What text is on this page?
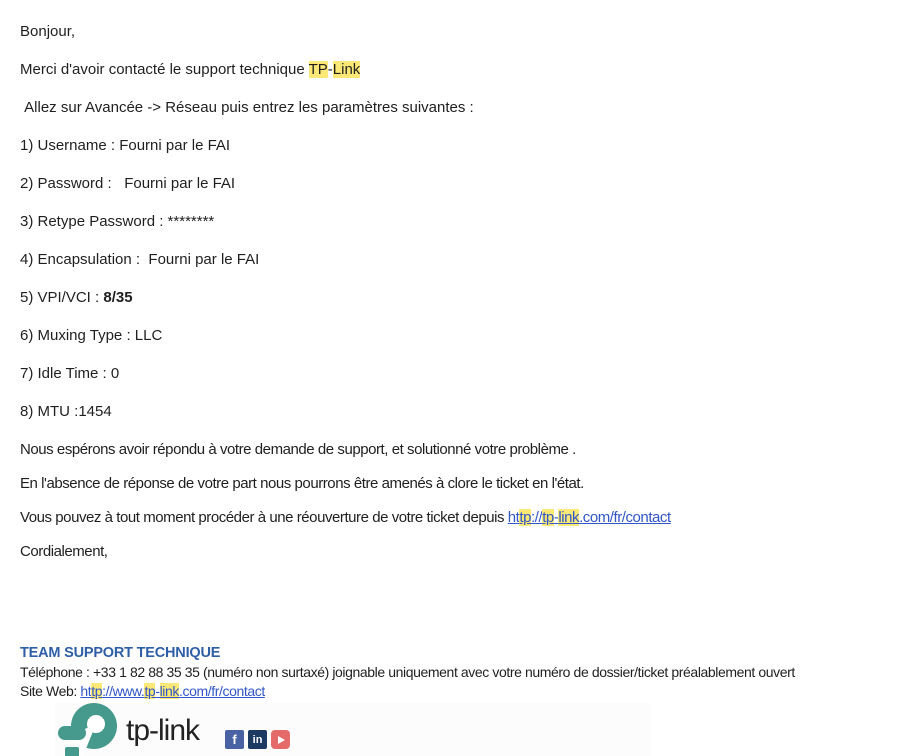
Bonjour,

Merci d'avoir contacté le support technique TP-Link

Allez sur Avancée -> Réseau puis entrez les paramètres suivantes :

1) Username : Fourni par le FAI

2) Password :   Fourni par le FAI

3) Retype Password : ********

4) Encapsulation :  Fourni par le FAI

5) VPI/VCI : 8/35

6) Muxing Type : LLC

7) Idle Time : 0

8) MTU :1454

Nous espérons avoir répondu à votre demande de support, et solutionné votre problème .

En l'absence de réponse de votre part nous pourrons être amenés à clore le ticket en l'état.

Vous pouvez à tout moment procéder à une réouverture de votre ticket depuis http://tp-link.com/fr/contact

Cordialement,

TEAM SUPPORT TECHNIQUE

Téléphone : +33 1 82 88 35 35 (numéro non surtaxé) joignable uniquement avec votre numéro de dossier/ticket préalablement ouvert

Site Web: http://www.tp-link.com/fr/contact

tp-link	f	in
